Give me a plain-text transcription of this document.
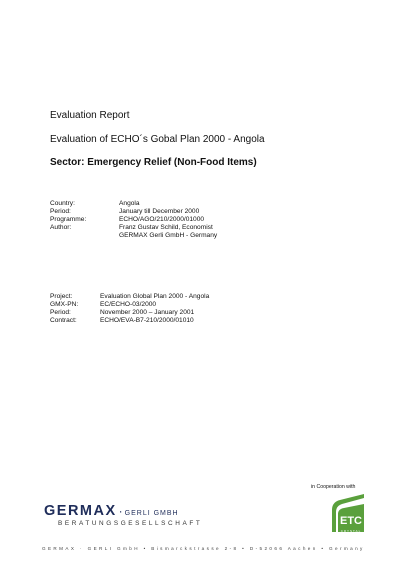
Evaluation Report
Evaluation of ECHO´s Gobal Plan 2000 - Angola
Sector: Emergency Relief (Non-Food Items)
Country:	Angola
Period:	January till December 2000
Programme:	ECHO/AGO/210/2000/01000
Author:	Franz Gustav Schild, Economist
GERMAX Gerli GmbH - Germany
Project:	Evaluation Global Plan 2000 - Angola
GMX-PN:	EC/ECHO-03/2000
Period:	November 2000 – January 2001
Contract:	ECHO/EVA-B7-210/2000/01010
in Cooperation with
GERMAX · GERLI GMBH
BERATUNGSGESELLSCHAFT	ETC
CRYSTAL
GERMAX · GERLI GmbH • Bismarckstrasse 2-8 • D-52066 Aachen • Germany
